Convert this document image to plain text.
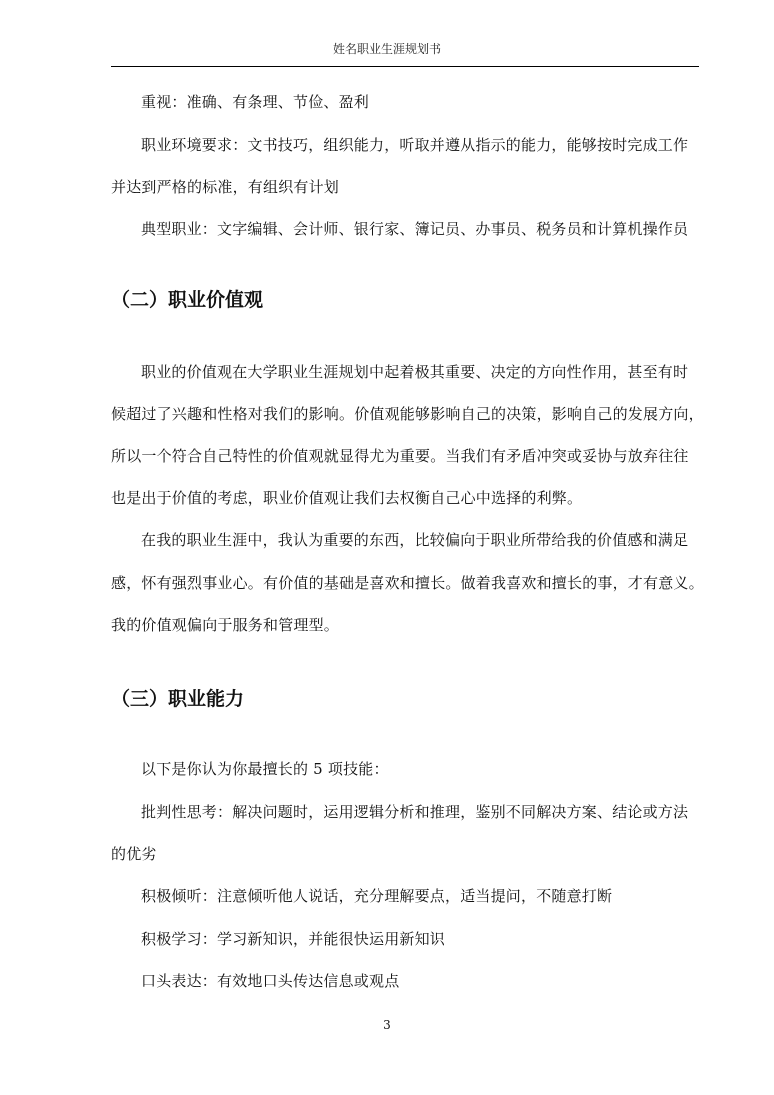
姓名职业生涯规划书
重视：准确、有条理、节俭、盈利
职业环境要求：文书技巧，组织能力，听取并遵从指示的能力，能够按时完成工作
并达到严格的标准，有组织有计划
典型职业：文字编辑、会计师、银行家、簿记员、办事员、税务员和计算机操作员
（二）职业价值观
职业的价值观在大学职业生涯规划中起着极其重要、决定的方向性作用，甚至有时
候超过了兴趣和性格对我们的影响。价值观能够影响自己的决策，影响自己的发展方向，
所以一个符合自己特性的价值观就显得尤为重要。当我们有矛盾冲突或妥协与放弃往往
也是出于价值的考虑，职业价值观让我们去权衡自己心中选择的利弊。
在我的职业生涯中，我认为重要的东西，比较偏向于职业所带给我的价值感和满足
感，怀有强烈事业心。有价值的基础是喜欢和擅长。做着我喜欢和擅长的事，才有意义。
我的价值观偏向于服务和管理型。
（三）职业能力
以下是你认为你最擅长的 5 项技能：
批判性思考：解决问题时，运用逻辑分析和推理，鉴别不同解决方案、结论或方法
的优劣
积极倾听：注意倾听他人说话，充分理解要点，适当提问，不随意打断
积极学习：学习新知识，并能很快运用新知识
口头表达：有效地口头传达信息或观点
3
